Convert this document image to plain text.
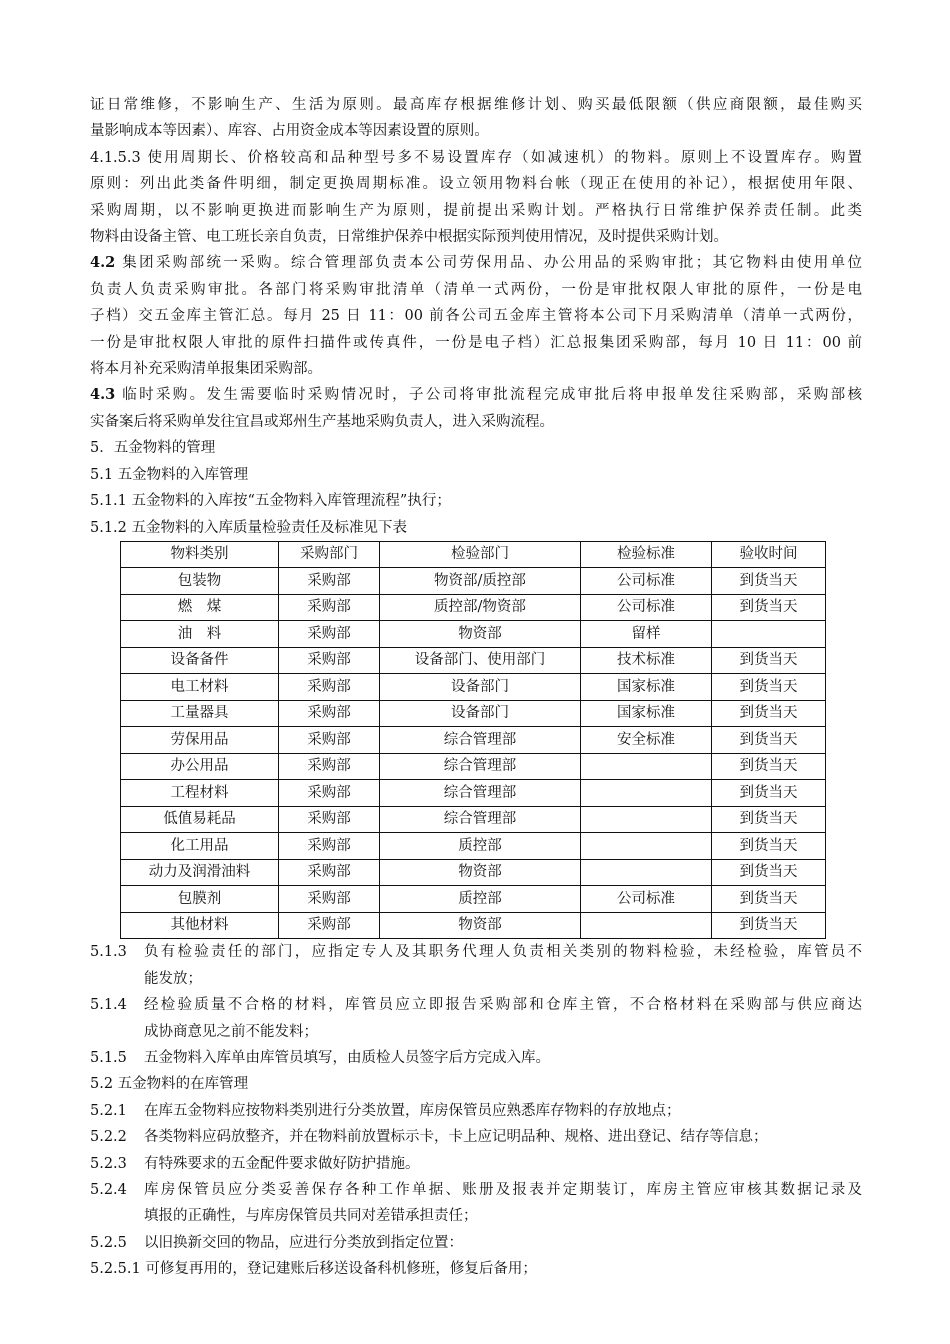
证日常维修，不影响生产、生活为原则。最高库存根据维修计划、购买最低限额（供应商限额，最佳购买

量影响成本等因素）、库容、占用资金成本等因素设置的原则。

4.1.5.3 使用周期长、价格较高和品种型号多不易设置库存（如减速机）的物料。原则上不设置库存。购置

原则：列出此类备件明细，制定更换周期标准。设立领用物料台帐（现正在使用的补记），根据使用年限、

采购周期，以不影响更换进而影响生产为原则，提前提出采购计划。严格执行日常维护保养责任制。此类

物料由设备主管、电工班长亲自负责，日常维护保养中根据实际预判使用情况，及时提供采购计划。

4.2 集团采购部统一采购。综合管理部负责本公司劳保用品、办公用品的采购审批；其它物料由使用单位

负责人负责采购审批。各部门将采购审批清单（清单一式两份，一份是审批权限人审批的原件，一份是电

子档）交五金库主管汇总。每月 25 日 11：00 前各公司五金库主管将本公司下月采购清单（清单一式两份，

一份是审批权限人审批的原件扫描件或传真件，一份是电子档）汇总报集团采购部，每月 10 日 11：00 前

将本月补充采购清单报集团采购部。

4.3 临时采购。发生需要临时采购情况时，子公司将审批流程完成审批后将申报单发往采购部，采购部核

实备案后将采购单发往宜昌或郑州生产基地采购负责人，进入采购流程。

5．五金物料的管理

5.1 五金物料的入库管理

5.1.1 五金物料的入库按“五金物料入库管理流程”执行；

5.1.2 五金物料的入库质量检验责任及标准见下表

物料类别	采购部门	检验部门	检验标准	验收时间
包装物	采购部	物资部/质控部	公司标准	到货当天
燃　煤	采购部	质控部/物资部	公司标准	到货当天
油　料	采购部	物资部	留样	
设备备件	采购部	设备部门、使用部门	技术标准	到货当天
电工材料	采购部	设备部门	国家标准	到货当天
工量器具	采购部	设备部门	国家标准	到货当天
劳保用品	采购部	综合管理部	安全标准	到货当天
办公用品	采购部	综合管理部		到货当天
工程材料	采购部	综合管理部		到货当天
低值易耗品	采购部	综合管理部		到货当天
化工用品	采购部	质控部		到货当天
动力及润滑油料	采购部	物资部		到货当天
包膜剂	采购部	质控部	公司标准	到货当天
其他材料	采购部	物资部		到货当天
5.1.3	负有检验责任的部门，应指定专人及其职务代理人负责相关类别的物料检验，未经检验，库管员不
能发放；
5.1.4	经检验质量不合格的材料，库管员应立即报告采购部和仓库主管，不合格材料在采购部与供应商达
成协商意见之前不能发料；
5.1.5	五金物料入库单由库管员填写，由质检人员签字后方完成入库。

5.2 五金物料的在库管理

5.2.1	在库五金物料应按物料类别进行分类放置，库房保管员应熟悉库存物料的存放地点；
5.2.2	各类物料应码放整齐，并在物料前放置标示卡，卡上应记明品种、规格、进出登记、结存等信息；
5.2.3	有特殊要求的五金配件要求做好防护措施。
5.2.4	库房保管员应分类妥善保存各种工作单据、账册及报表并定期装订，库房主管应审核其数据记录及
填报的正确性，与库房保管员共同对差错承担责任；
5.2.5	以旧换新交回的物品，应进行分类放到指定位置：

5.2.5.1 可修复再用的，登记建账后移送设备科机修班，修复后备用；
